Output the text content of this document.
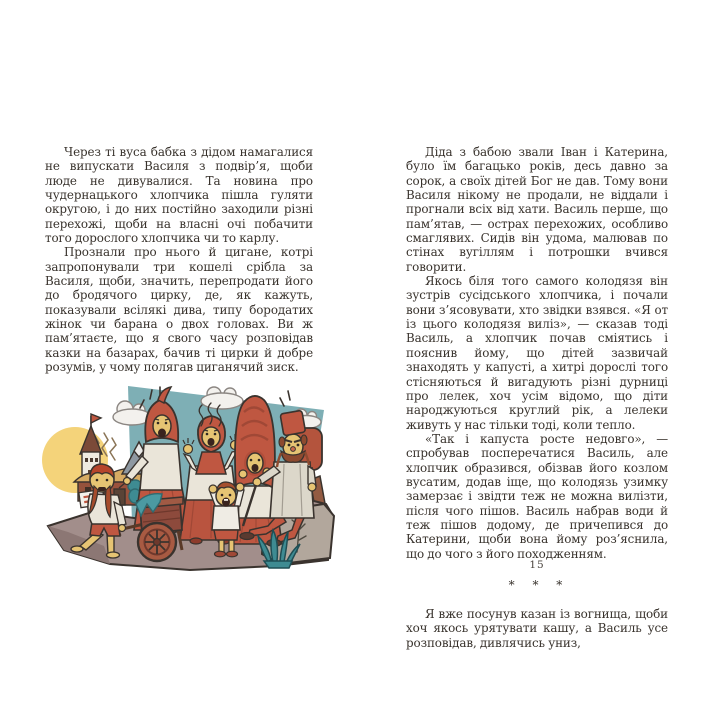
Через ті вуса бабка з дідом намагалися не випускати Василя з подвір’я, щоби люде не дивувалися. Та новина про чудернацького хлопчика пішла гуляти округою, і до них постійно заходили різні перехожі, щоби на власні очі побачити того дорослого хлопчика чи то карлу.

Прознали про нього й цигане, котрі запропонували три кошелі срібла за Василя, щоби, значить, перепродати його до бродячого цирку, де, як кажуть, показували всілякі дива, типу бородатих жінок чи барана о двох головах. Ви ж пам’ятаєте, що я свого часу розповідав казки на базарах, бачив ті цирки й добре розумів, у чому полягав циганячий зиск.

Діда з бабою звали Іван і Катерина, було їм багацько років, десь давно за сорок, а своїх дітей Бог не дав. Тому вони Василя нікому не продали, не віддали і прогнали всіх від хати. Василь перше, що пам’ятав, — острах перехожих, особливо смаглявих. Сидів він удома, малював по стінах вугіллям і потрошки вчився говорити.

Якось біля того самого колодязя він зустрів сусідського хлопчика, і почали вони з’ясовувати, хто звідки взявся. «Я от із цього колодязя виліз», — сказав тоді Василь, а хлопчик почав сміятись і пояснив йому, що дітей зазвичай знаходять у капусті, а хитрі дорослі того стісняються й вигадують різні дурниці про лелек, хоч усім відомо, що діти народжуються круглий рік, а лелеки живуть у нас тільки тоді, коли тепло.

«Так і капуста росте недовго», — спробував посперечатися Василь, але хлопчик образився, обізвав його козлом вусатим, додав іще, що колодязь узимку замерзає і звідти теж не можна вилізти, після чого пішов. Василь набрав води й теж пішов додому, де причепився до Катерини, щоби вона йому роз’яснила, що до чого з його походженням.

* * *

Я вже посунув казан із вогнища, щоби хоч якось урятувати кашу, а Василь усе розповідав, дивлячись униз,

15
